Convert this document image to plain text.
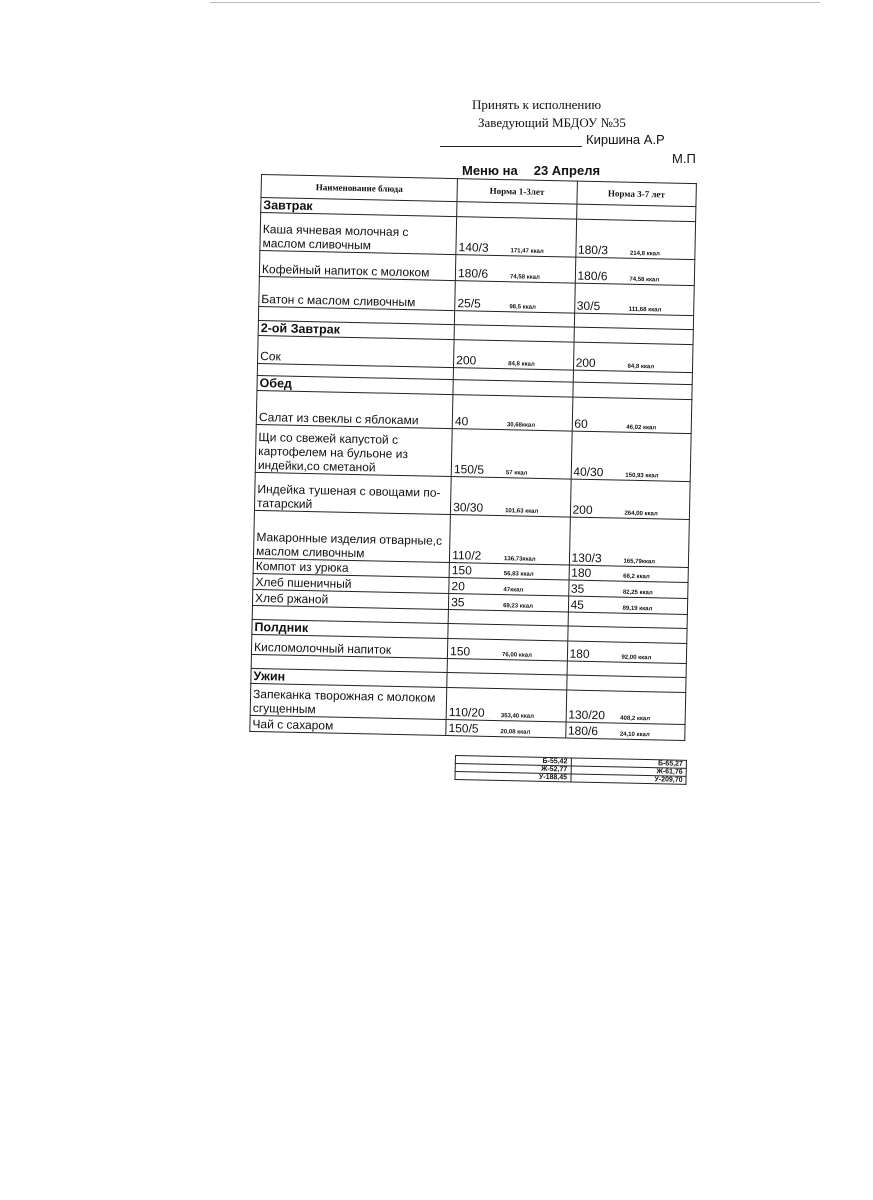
Принять к исполнению
Заведующий МБДОУ №35
Киршина А.Р
М.П
Меню на 23 Апреля
Наименование блюда	Норма 1-3лет	Норма 3-7 лет
Завтрак		
Каша ячневая молочная с маслом сливочным	140/3 171,47 ккал	180/3 214,8 ккал
Кофейный напиток с молоком	180/6 74,58 ккал	180/6 74,58 ккал
Батон с маслом сливочным	25/5 98,5 ккал	30/5 111,68 ккал

2-ой Завтрак		
Сок	200 84,8 ккал	200 84,8 ккал

Обед		
Салат из свеклы с яблоками	40 30,68ккал	60 46,02 ккал
Щи со свежей капустой с картофелем на бульоне из индейки,со сметаной	150/5 57 ккал	40/30 150,93 ккал
Индейка тушеная с овощами по-татарский	30/30 101,63 ккал	200 264,00 ккал
Макаронные изделия отварные,с маслом сливочным	110/2 136,73ккал	130/3 165,79ккал
Компот из урюка	150 56,83 ккал	180 68,2 ккал
Хлеб пшеничный	20 47ккал	35 82,25 ккал
Хлеб ржаной	35 69,23 ккал	45 89,19 ккал

Полдник		
Кисломолочный напиток	150 76,00 ккал	180 92,00 ккал

Ужин		
Запеканка творожная с молоком сгущенным	110/20 353,40 ккал	130/20 408,2 ккал
Чай с сахаром	150/5 20,08 ккал	180/6 24,10 ккал
Б-55,42	Б-65,27
Ж-52,77	Ж-61,76
У-188,45	У-209,70
